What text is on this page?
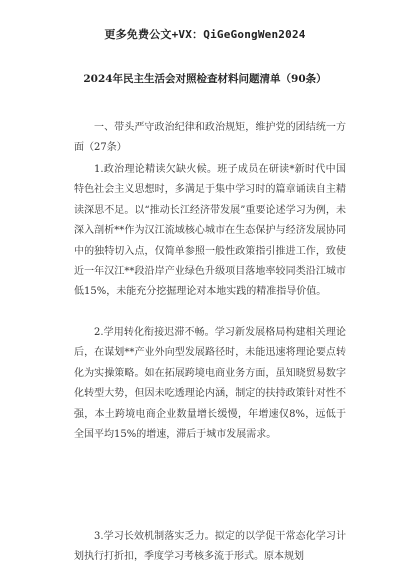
更多免费公文+VX：QiGeGongWen2024
2024年民主生活会对照检查材料问题清单（90条）

一、带头严守政治纪律和政治规矩，维护党的团结统一方面（27条）

1.政治理论精读欠缺火候。班子成员在研读*新时代中国特色社会主义思想时，多满足于集中学习时的篇章诵读自主精读深思不足。以“推动长江经济带发展”重要论述学习为例，未深入剖析**作为汉江流域核心城市在生态保护与经济发展协同中的独特切入点，仅简单参照一般性政策指引推进工作，致使近一年汉江**段沿岸产业绿色升级项目落地率较同类沿江城市低15%，未能充分挖掘理论对本地实践的精准指导价值。

2.学用转化衔接迟滞不畅。学习新发展格局构建相关理论后，在谋划**产业外向型发展路径时，未能迅速将理论要点转化为实操策略。如在拓展跨境电商业务方面，虽知晓贸易数字化转型大势，但因未吃透理论内涵，制定的扶持政策针对性不强，本土跨境电商企业数量增长缓慢，年增速仅8%，远低于全国平均15%的增速，滞后于城市发展需求。

3.学习长效机制落实乏力。拟定的以学促干常态化学习计划执行打折扣，季度学习考核多流于形式。原本规划
